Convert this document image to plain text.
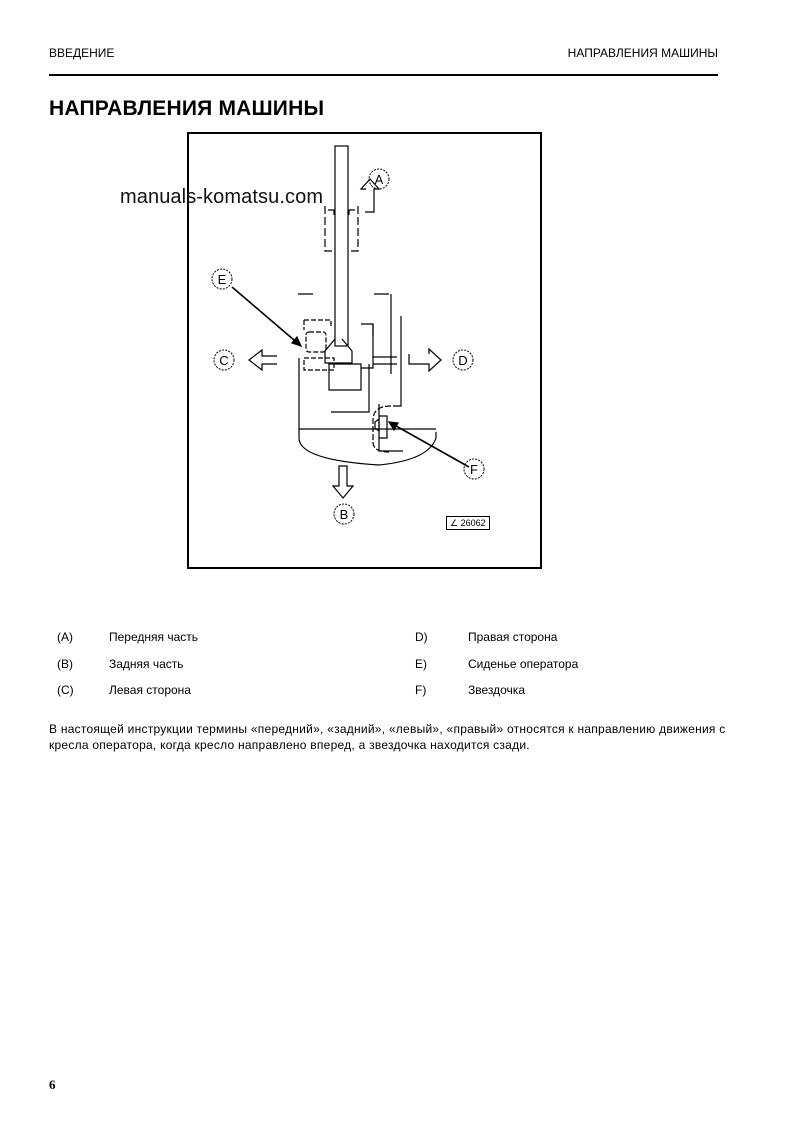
ВВЕДЕНИЕ	НАПРАВЛЕНИЯ МАШИНЫ
НАПРАВЛЕНИЯ МАШИНЫ
A
B
C	D
E
F
manuals-komatsu.com
∠ 26062
(A)	Передняя часть
(B)	Задняя часть
(C)	Левая сторона
D)	Правая сторона
E)	Сиденье оператора
F)	Звездочка

В настоящей инструкции термины «передний», «задний», «левый», «правый» относятся к направлению движения с кресла оператора, когда кресло направлено вперед, а звездочка находится сзади.

6
